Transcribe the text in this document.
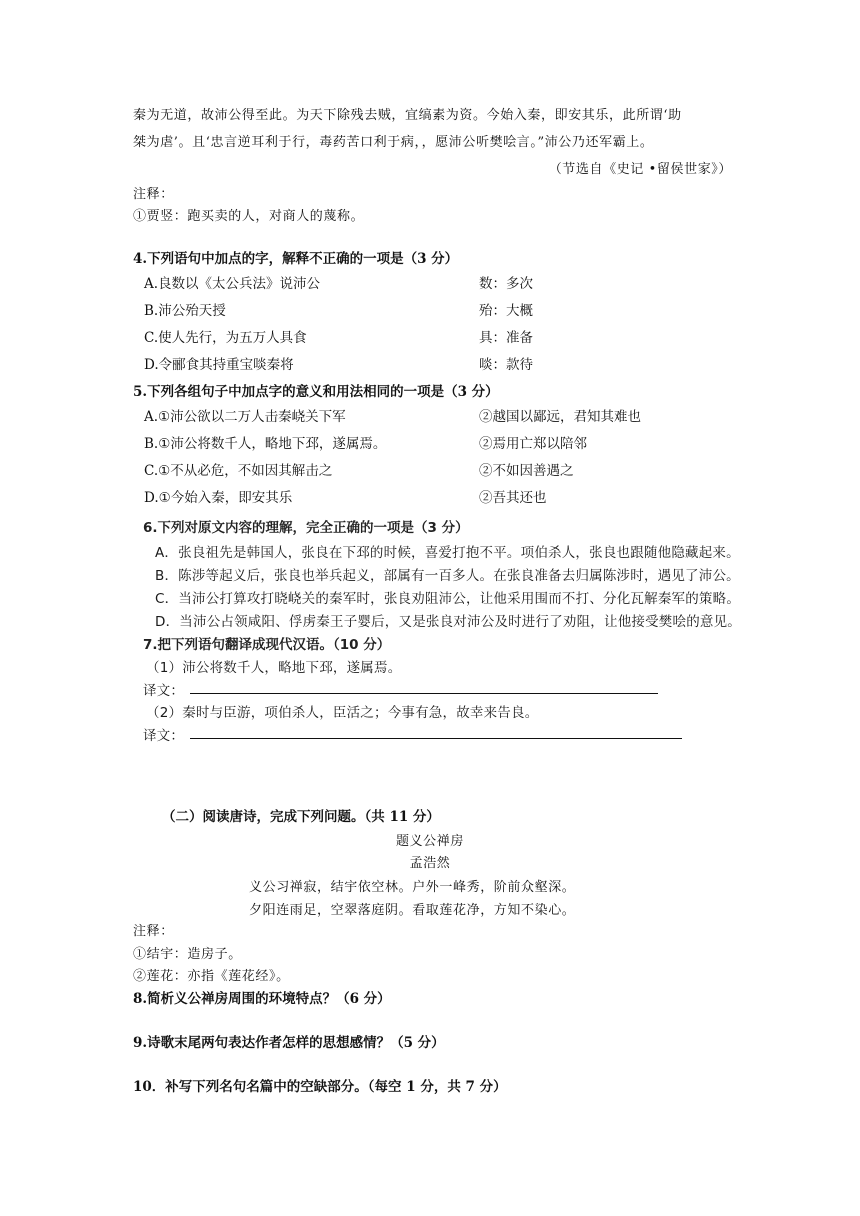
秦为无道，故沛公得至此。为天下除残去贼，宜缟素为资。今始入秦，即安其乐，此所谓‘助
桀为虐’。且‘忠言逆耳利于行，毒药苦口利于病，，愿沛公听樊哙言。”沛公乃还军霸上。
（节选自《史记 •留侯世家》）
注释：
①贾竖：跑买卖的人，对商人的蔑称。
4.下列语句中加点的字，解释不正确的一项是（3 分）
A.良数以《太公兵法》说沛公	数：多次
B.沛公殆天授	殆：大概
C.使人先行，为五万人具食	具：准备
D.令郦食其持重宝啖秦将	啖：款待
5.下列各组句子中加点字的意义和用法相同的一项是（3 分）
A.①沛公欲以二万人击秦峣关下军	②越国以鄙远，君知其难也
B.①沛公将数千人，略地下邳，遂属焉。	②焉用亡郑以陪邻
C.①不从必危，不如因其解击之	②不如因善遇之
D.①今始入秦，即安其乐	②吾其还也
6.下列对原文内容的理解，完全正确的一项是（3 分）
A．张良祖先是韩国人，张良在下邳的时候，喜爱打抱不平。项伯杀人，张良也跟随他隐藏起来。
B．陈涉等起义后，张良也举兵起义，部属有一百多人。在张良准备去归属陈涉时，遇见了沛公。
C．当沛公打算攻打晓峣关的秦军时，张良劝阻沛公，让他采用围而不打、分化瓦解秦军的策略。
D．当沛公占领咸阳、俘虏秦王子婴后，又是张良对沛公及时进行了劝阻，让他接受樊哙的意见。
7.把下列语句翻译成现代汉语。（10 分）
（1）沛公将数千人，略地下邳，遂属焉。
译文：
（2）秦时与臣游，项伯杀人，臣活之；今事有急，故幸来告良。
译文：
（二）阅读唐诗，完成下列问题。（共 11 分）
题义公禅房
孟浩然
义公习禅寂，结宇依空林。户外一峰秀，阶前众壑深。
夕阳连雨足，空翠落庭阴。看取莲花净，方知不染心。
注释：
①结宇：造房子。
②莲花：亦指《莲花经》。
8.简析义公禅房周围的环境特点？（6 分）
9.诗歌末尾两句表达作者怎样的思想感情？（5 分）
10．补写下列名句名篇中的空缺部分。（每空 1 分，共 7 分）
